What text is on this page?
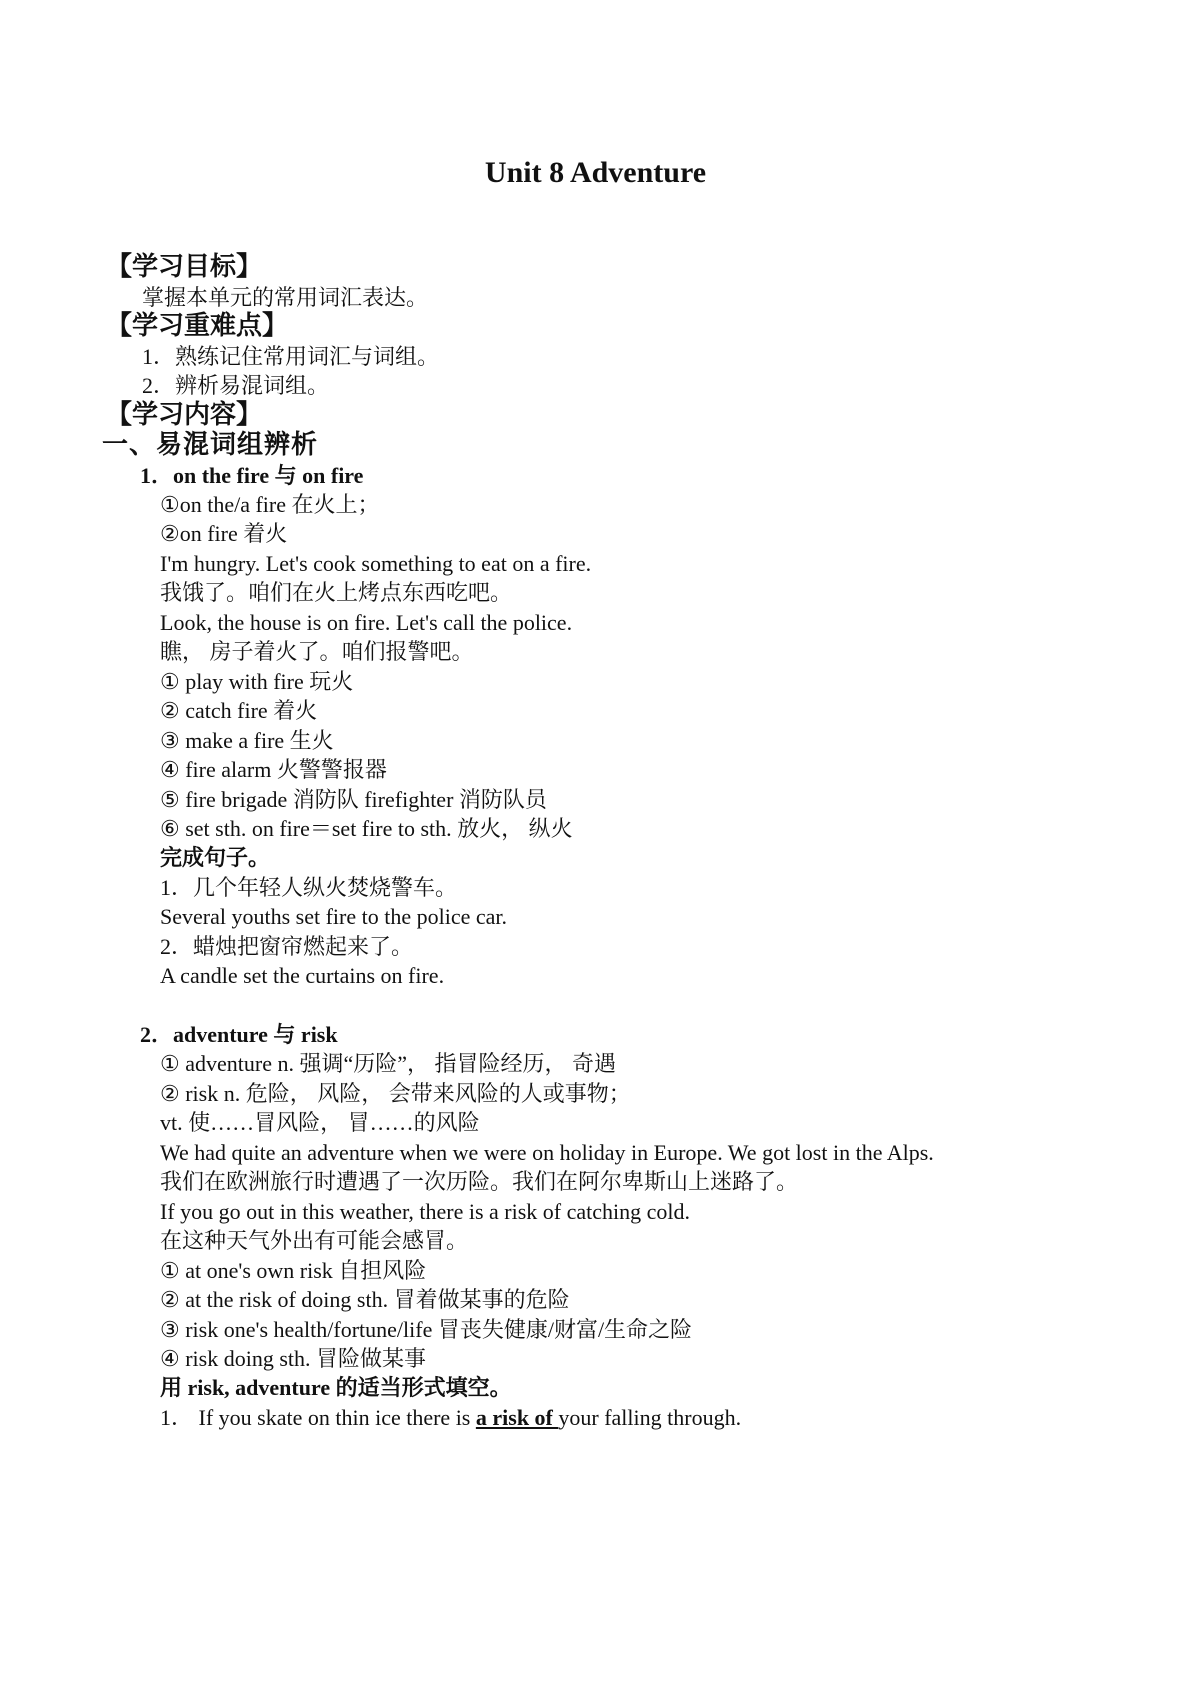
Unit 8 Adventure
【学习目标】
掌握本单元的常用词汇表达。
【学习重难点】
1．熟练记住常用词汇与词组。
2．辨析易混词组。
【学习内容】
一、易混词组辨析
1．on the fire 与 on fire
①on the/a fire 在火上；
②on fire 着火
I'm hungry. Let's cook something to eat on a fire.
我饿了。咱们在火上烤点东西吃吧。
Look, the house is on fire. Let's call the police.
瞧， 房子着火了。咱们报警吧。
① play with fire 玩火
② catch fire 着火
③ make a fire 生火
④ fire alarm 火警警报器
⑤ fire brigade 消防队 firefighter 消防队员
⑥ set sth. on fire＝set fire to sth. 放火， 纵火
完成句子。
1．几个年轻人纵火焚烧警车。
Several youths set fire to the police car.
2．蜡烛把窗帘燃起来了。
A candle set the curtains on fire.
2．adventure 与 risk
① adventure n. 强调“历险”， 指冒险经历， 奇遇
② risk n. 危险， 风险， 会带来风险的人或事物；
vt. 使……冒风险， 冒……的风险
We had quite an adventure when we were on holiday in Europe. We got lost in the Alps.
我们在欧洲旅行时遭遇了一次历险。我们在阿尔卑斯山上迷路了。
If you go out in this weather, there is a risk of catching cold.
在这种天气外出有可能会感冒。
① at one's own risk 自担风险
② at the risk of doing sth. 冒着做某事的危险
③ risk one's health/fortune/life 冒丧失健康/财富/生命之险
④ risk doing sth. 冒险做某事
用 risk, adventure 的适当形式填空。
1． If you skate on thin ice there is a risk of your falling through.
